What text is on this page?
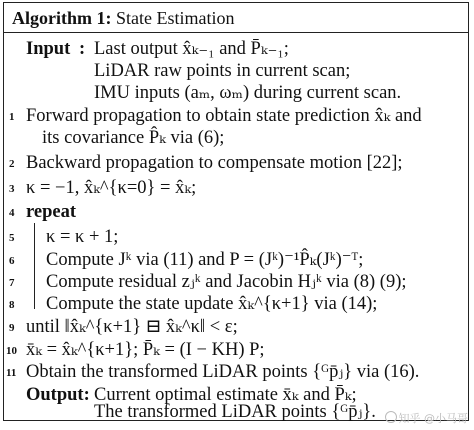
Algorithm 1: State Estimation
Input : Last output x̂ₖ₋₁ and P̄ₖ₋₁;
LiDAR raw points in current scan;
IMU inputs (aₘ, ωₘ) during current scan.
1 Forward propagation to obtain state prediction x̂ₖ and
its covariance P̂ₖ via (6);
2 Backward propagation to compensate motion [22];
3 κ = −1, x̂ₖ^{κ=0} = x̂ₖ;
4 repeat
5 κ = κ + 1;
6 Compute Jᵏ via (11) and P = (Jᵏ)⁻¹P̂ₖ(Jᵏ)⁻ᵀ;
7 Compute residual zⱼᵏ and Jacobin Hⱼᵏ via (8) (9);
8 Compute the state update x̂ₖ^{κ+1} via (14);
9 until ‖x̂ₖ^{κ+1} ⊟ x̂ₖ^κ‖ < ε;
10 x̄ₖ = x̂ₖ^{κ+1}; P̄ₖ = (I − KH) P;
11 Obtain the transformed LiDAR points {ᴳp̄ⱼ} via (16).
Output: Current optimal estimate x̄ₖ and P̄ₖ;
The transformed LiDAR points {ᴳp̄ⱼ}.	知乎 @小马哥
